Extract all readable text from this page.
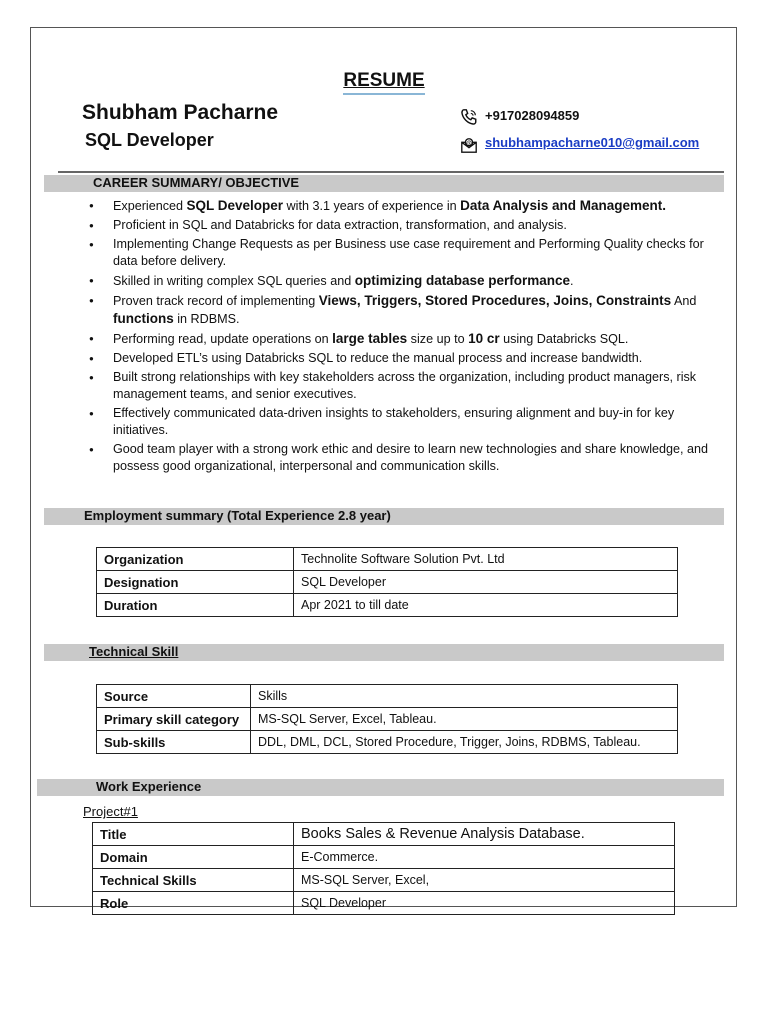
RESUME
Shubham Pacharne
SQL Developer
+917028094859
@ shubhampacharne010@gmail.com
CAREER SUMMARY/ OBJECTIVE
● Experienced SQL Developer with 3.1 years of experience in Data Analysis and Management.
● Proficient in SQL and Databricks for data extraction, transformation, and analysis.
● Implementing Change Requests as per Business use case requirement and Performing Quality checks for data before delivery.
● Skilled in writing complex SQL queries and optimizing database performance.
● Proven track record of implementing Views, Triggers, Stored Procedures, Joins, Constraints And functions in RDBMS.
● Performing read, update operations on large tables size up to 10 cr using Databricks SQL.
● Developed ETL’s using Databricks SQL to reduce the manual process and increase bandwidth.
● Built strong relationships with key stakeholders across the organization, including product managers, risk management teams, and senior executives.
● Effectively communicated data-driven insights to stakeholders, ensuring alignment and buy-in for key initiatives.
● Good team player with a strong work ethic and desire to learn new technologies and share knowledge, and possess good organizational, interpersonal and communication skills.
Employment summary (Total Experience 2.8 year)
Organization	Technolite Software Solution Pvt. Ltd
Designation	SQL Developer
Duration	Apr 2021 to till date
Technical Skill
Source	Skills
Primary skill category	MS-SQL Server, Excel, Tableau.
Sub-skills	DDL, DML, DCL, Stored Procedure, Trigger, Joins, RDBMS, Tableau.
Work Experience
Project#1
Title	Books Sales & Revenue Analysis Database.
Domain	E-Commerce.
Technical Skills	MS-SQL Server, Excel,
Role	SQL Developer
